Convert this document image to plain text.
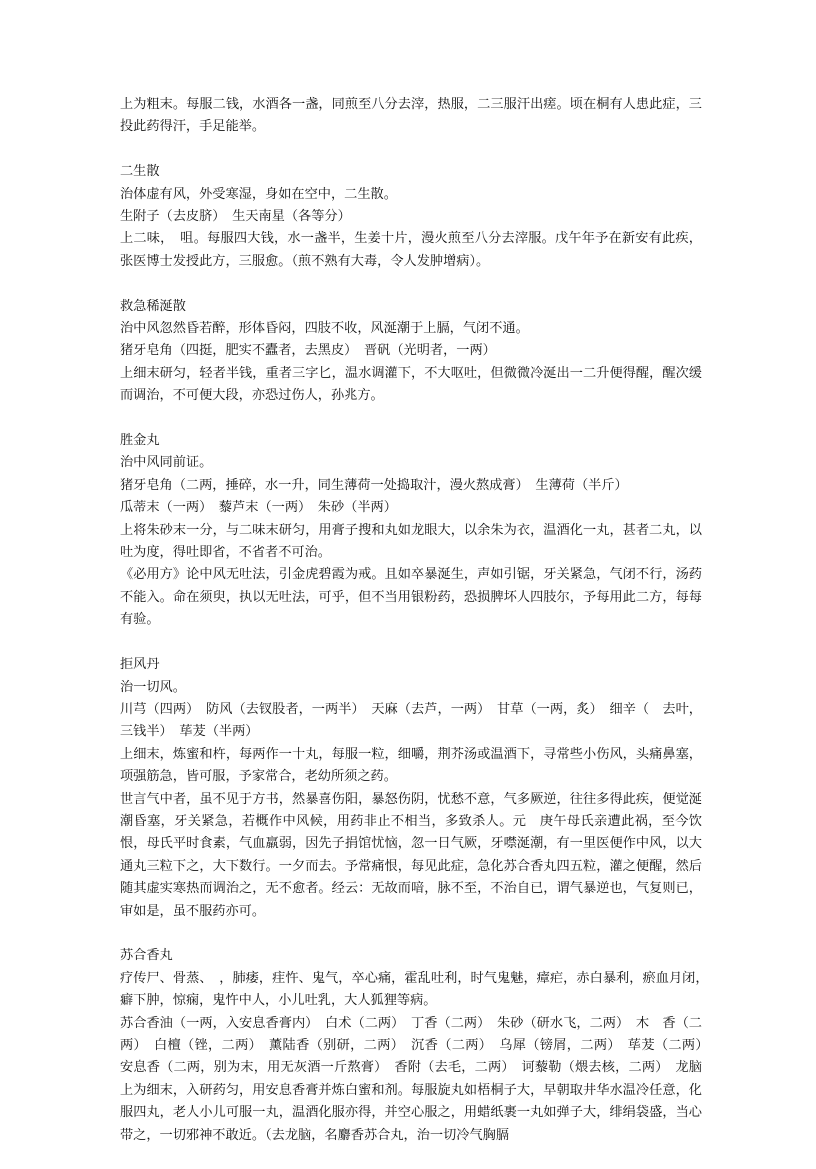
上为粗末。每服二钱，水酒各一盏，同煎至八分去滓，热服，二三服汗出瘥。顷在桐有人患此症，三投此药得汗，手足能举。

二生散

治体虚有风，外受寒湿，身如在空中，二生散。

生附子（去皮脐）　生天南星（各等分）

上二味，　咀。每服四大钱，水一盏半，生姜十片，漫火煎至八分去滓服。戊午年予在新安有此疾，张医博士发授此方，三服愈。（煎不熟有大毒，令人发肿增病）。

救急稀涎散

治中风忽然昏若醉，形体昏闷，四肢不收，风涎潮于上膈，气闭不通。

猪牙皂角（四挺，肥实不蠹者，去黑皮）　晋矾（光明者，一两）

上细末研匀，轻者半钱，重者三字匕，温水调灌下，不大呕吐，但微微冷涎出一二升便得醒，醒次缓而调治，不可便大段，亦恐过伤人，孙兆方。

胜金丸

治中风同前证。

猪牙皂角（二两，捶碎，水一升，同生薄荷一处捣取汁，漫火熬成膏）　生薄荷（半斤）

瓜蒂末（一两）　藜芦末（一两）　朱砂（半两）

上将朱砂末一分，与二味末研匀，用膏子搜和丸如龙眼大，以余朱为衣，温酒化一丸，甚者二丸，以吐为度，得吐即省，不省者不可治。

《必用方》论中风无吐法，引金虎碧霞为戒。且如卒暴涎生，声如引锯，牙关紧急，气闭不行，汤药不能入。命在须臾，执以无吐法，可乎，但不当用银粉药，恐损脾坏人四肢尔，予每用此二方，每每有验。

拒风丹

治一切风。

川芎（四两）　防风（去钗股者，一两半）　天麻（去芦，一两）　甘草（一两，炙）　细辛（　去叶，三钱半）　荜茇（半两）

上细末，炼蜜和杵，每两作一十丸，每服一粒，细嚼，荆芥汤或温酒下，寻常些小伤风，头痛鼻塞，项强筋急，皆可服，予家常合，老幼所须之药。

世言气中者，虽不见于方书，然暴喜伤阳，暴怒伤阴，忧愁不意，气多厥逆，往往多得此疾，便觉涎潮昏塞，牙关紧急，若概作中风候，用药非止不相当，多致杀人。元　庚午母氏亲遭此祸，至今饮恨，母氏平时食素，气血羸弱，因先子捐馆忧恼，忽一日气厥，牙噤涎潮，有一里医便作中风，以大通丸三粒下之，大下数行。一夕而去。予常痛恨，每见此症，急化苏合香丸四五粒，灌之便醒，然后随其虚实寒热而调治之，无不愈者。经云：无故而喑，脉不至，不治自已，谓气暴逆也，气复则已，审如是，虽不服药亦可。

苏合香丸

疗传尸、骨蒸、　，肺痿，疰忤、鬼气，卒心痛，霍乱吐利，时气鬼魅，瘴疟，赤白暴利，瘀血月闭，　癖下肿，惊痫，鬼忤中人，小儿吐乳，大人狐狸等病。

苏合香油（一两，入安息香膏内）　白术（二两）　丁香（二两）　朱砂（研水飞，二两）　木　香（二两）　白檀（锉，二两）　薰陆香（别研，二两）　沉香（二两）　乌犀（镑屑，二两）　荜茇（二两）　安息香（二两，别为末，用无灰酒一斤熬膏）　香附（去毛，二两）　诃藜勒（煨去核，二两）　龙脑　上为细末，入研药匀，用安息香膏并炼白蜜和剂。每服旋丸如梧桐子大，早朝取井华水温冷任意，化服四丸，老人小儿可服一丸，温酒化服亦得，并空心服之，用蜡纸裹一丸如弹子大，绯绢袋盛，当心带之，一切邪神不敢近。（去龙脑，名麝香苏合丸，治一切冷气胸膈
